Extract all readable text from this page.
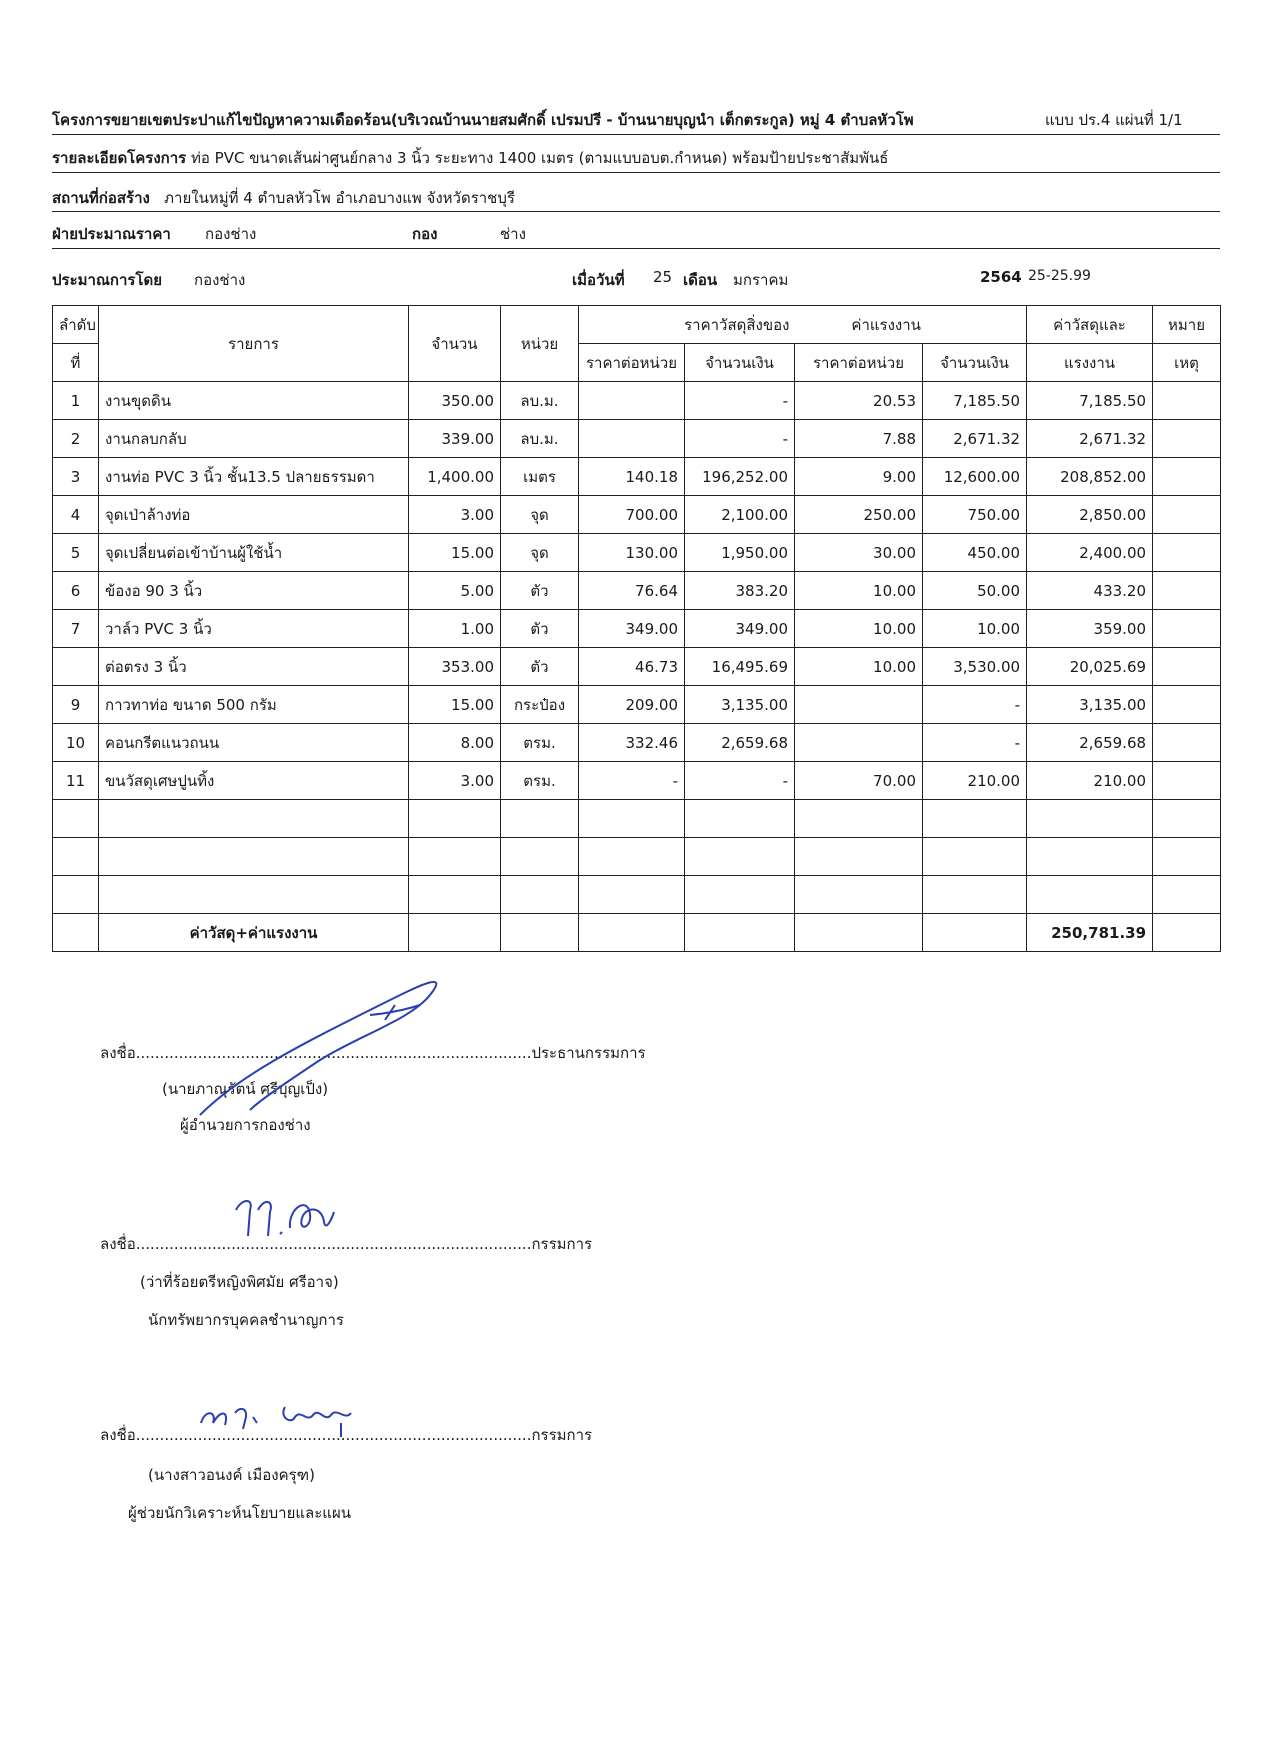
โครงการขยายเขตประปาแก้ไขปัญหาความเดือดร้อน(บริเวณบ้านนายสมศักดิ์ เปรมปรี - บ้านนายบุญนำ เต็กตระกูล) หมู่ 4 ตำบลหัวโพ	แบบ ปร.4 แผ่นที่ 1/1
รายละเอียดโครงการ ท่อ PVC ขนาดเส้นผ่าศูนย์กลาง 3 นิ้ว ระยะทาง 1400 เมตร (ตามแบบอบต.กำหนด) พร้อมป้ายประชาสัมพันธ์
สถานที่ก่อสร้าง ภายในหมู่ที่ 4 ตำบลหัวโพ อำเภอบางแพ จังหวัดราชบุรี
ฝ่ายประมาณราคา กองช่าง	กอง	ช่าง
ประมาณการโดย กองช่าง	เมื่อวันที่ 25 เดือน มกราคม	2564 25-25.99
ลำดับ	รายการ	จำนวน	หน่วย	ราคาวัสดุสิ่งของ ค่าแรงงาน				ค่าวัสดุและ	หมาย
ที่				ราคาต่อหน่วย	จำนวนเงิน	ราคาต่อหน่วย	จำนวนเงิน	แรงงาน	เหตุ
1	งานขุดดิน	350.00	ลบ.ม.		-	20.53	7,185.50	7,185.50	
2	งานกลบกลับ	339.00	ลบ.ม.		-	7.88	2,671.32	2,671.32	
3	งานท่อ PVC 3 นิ้ว ชั้น13.5 ปลายธรรมดา	1,400.00	เมตร	140.18	196,252.00	9.00	12,600.00	208,852.00	
4	จุดเป่าล้างท่อ	3.00	จุด	700.00	2,100.00	250.00	750.00	2,850.00	
5	จุดเปลี่ยนต่อเข้าบ้านผู้ใช้น้ำ	15.00	จุด	130.00	1,950.00	30.00	450.00	2,400.00	
6	ข้องอ 90 3 นิ้ว	5.00	ตัว	76.64	383.20	10.00	50.00	433.20	
7	วาล์ว PVC 3 นิ้ว	1.00	ตัว	349.00	349.00	10.00	10.00	359.00	
	ต่อตรง 3 นิ้ว	353.00	ตัว	46.73	16,495.69	10.00	3,530.00	20,025.69	
9	กาวทาท่อ ขนาด 500 กรัม	15.00	กระป๋อง	209.00	3,135.00		-	3,135.00	
10	คอนกรีตแนวถนน	8.00	ตรม.	332.46	2,659.68		-	2,659.68	
11	ขนวัสดุเศษปูนทิ้ง	3.00	ตรม.	-	-	70.00	210.00	210.00	

	ค่าวัสดุ+ค่าแรงงาน							250,781.39	
ลงชื่อ...................................................................................ประธานกรรมการ
(นายภาณุรัตน์ ศรีบุญเป็ง)
ผู้อำนวยการกองช่าง
ลงชื่อ...................................................................................กรรมการ
(ว่าที่ร้อยตรีหญิงพิศมัย ศรีอาจ)
นักทรัพยากรบุคคลชำนาญการ
ลงชื่อ...................................................................................กรรมการ
(นางสาวอนงค์ เมืองครุฑ)
ผู้ช่วยนักวิเคราะห์นโยบายและแผน
